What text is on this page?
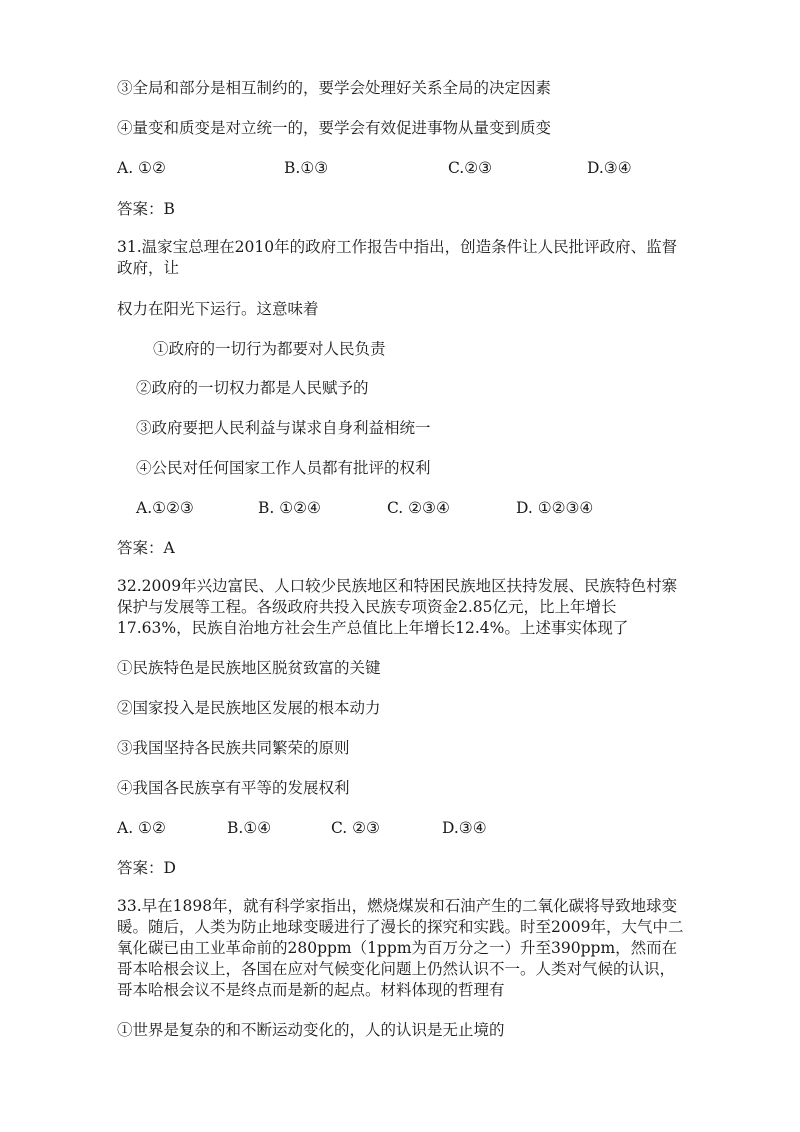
③全局和部分是相互制约的，要学会处理好关系全局的决定因素
④量变和质变是对立统一的，要学会有效促进事物从量变到质变
A. ①②	B.①③	C.②③	D.③④
答案：B
31.温家宝总理在2010年的政府工作报告中指出，创造条件让人民批评政府、监督政府，让
权力在阳光下运行。这意味着
①政府的一切行为都要对人民负责
②政府的一切权力都是人民赋予的
③政府要把人民利益与谋求自身利益相统一
④公民对任何国家工作人员都有批评的权利
A.①②③	B. ①②④	C. ②③④	D. ①②③④
答案：A
32.2009年兴边富民、人口较少民族地区和特困民族地区扶持发展、民族特色村寨保护与发展等工程。各级政府共投入民族专项资金2.85亿元，比上年增长17.63%，民族自治地方社会生产总值比上年增长12.4%。上述事实体现了
①民族特色是民族地区脱贫致富的关键
②国家投入是民族地区发展的根本动力
③我国坚持各民族共同繁荣的原则
④我国各民族享有平等的发展权利
A. ①②	B.①④	C. ②③	D.③④
答案：D
33.早在1898年，就有科学家指出，燃烧煤炭和石油产生的二氧化碳将导致地球变暖。随后，人类为防止地球变暖进行了漫长的探究和实践。时至2009年，大气中二氧化碳已由工业革命前的280ppm（1ppm为百万分之一）升至390ppm，然而在哥本哈根会议上，各国在应对气候变化问题上仍然认识不一。人类对气候的认识，哥本哈根会议不是终点而是新的起点。材料体现的哲理有
①世界是复杂的和不断运动变化的，人的认识是无止境的
